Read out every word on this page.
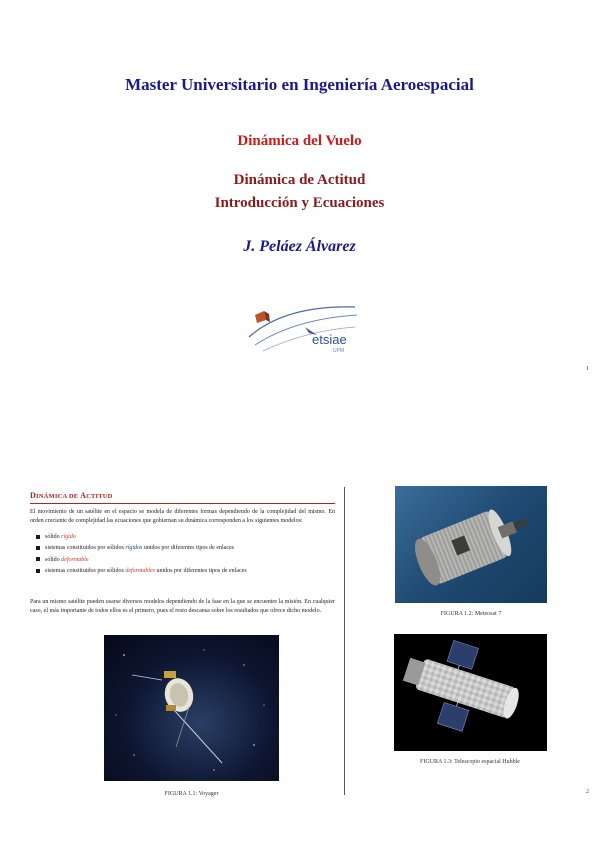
Master Universitario en Ingeniería Aeroespacial
Dinámica del Vuelo
Dinámica de Actitud
Introducción y Ecuaciones
J. Peláez Álvarez
etsiae
UPM
1
DINÁMICA DE ACTITUD
El movimiento de un satélite en el espacio se modela de diferentes formas dependiendo de la complejidad del mismo. En orden creciente de complejidad las ecuaciones que gobiernan su dinámica corresponden a los siguientes modelos:
sólido rígido
sistemas constituidos por sólidos rígidos unidos por diferentes tipos de enlaces
sólido deformable
sistemas constituidos por sólidos deformables unidos por diferentes tipos de enlaces
Para un mismo satélite pueden usarse diversos modelos dependiendo de la fase en la que se encuentre la misión. En cualquier caso, el más importante de todos ellos es el primero, pues el resto descansa sobre los resultados que ofrece dicho modelo.
FIGURA 1.1: Voyager
FIGURA 1.2: Meteosat 7
FIGURA 1.3: Telescopio espacial Hubble
2
